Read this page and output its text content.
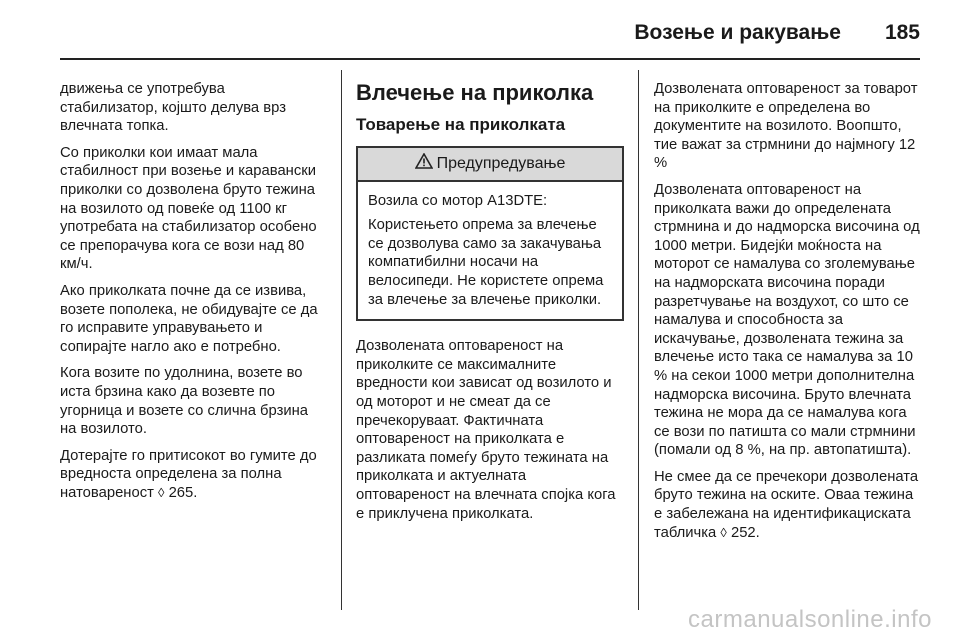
Возење и ракување 185

движења се употребува стабилизатор, којшто делува врз влечната топка.

Со приколки кои имаат мала стабилност при возење и каравански приколки со дозволена бруто тежина на возилото од повеќе од 1100 кг употребата на стабилизатор особено се препорачува кога се вози над 80 км/ч.

Ако приколката почне да се извива, возете пополека, не обидувајте се да го исправите управувањето и сопирајте нагло ако е потребно.

Кога возите по удолнина, возете во иста брзина како да возевте по угорница и возете со слична брзина на возилото.

Дотерајте го притисокот во гумите до вредноста определена за полна натовареност ◊ 265.

Влечење на приколка
Товарење на приколката
Предупредување

Возила со мотор A13DTE:

Користењето опрема за влечење се дозволува само за закачувања компатибилни носачи на велосипеди. Не користете опрема за влечење за влечење приколки.

Дозволената оптовареност на приколките се максималните вредности кои зависат од возилото и од моторот и не смеат да се пречекоруваат. Фактичната оптовареност на приколката е разликата помеѓу бруто тежината на приколката и актуелната оптовареност на влечната спојка кога е приклучена приколката.

Дозволената оптовареност за товарот на приколките е определена во документите на возилото. Воопшто, тие важат за стрмнини до најмногу 12 %

Дозволената оптовареност на приколката важи до определената стрмнина и до надморска височина од 1000 метри. Бидејќи моќноста на моторот се намалува со зголемување на надморската височина поради разретчување на воздухот, со што се намалува и способноста за искачување, дозволената тежина за влечење исто така се намалува за 10 % на секои 1000 метри дополнителна надморска височина. Бруто влечната тежина не мора да се намалува кога се вози по патишта со мали стрмнини (помали од 8 %, на пр. автопатишта).

Не смее да се пречекори дозволената бруто тежина на оските. Оваа тежина е забележана на идентификациската табличка ◊ 252.

carmanualsonline.info
